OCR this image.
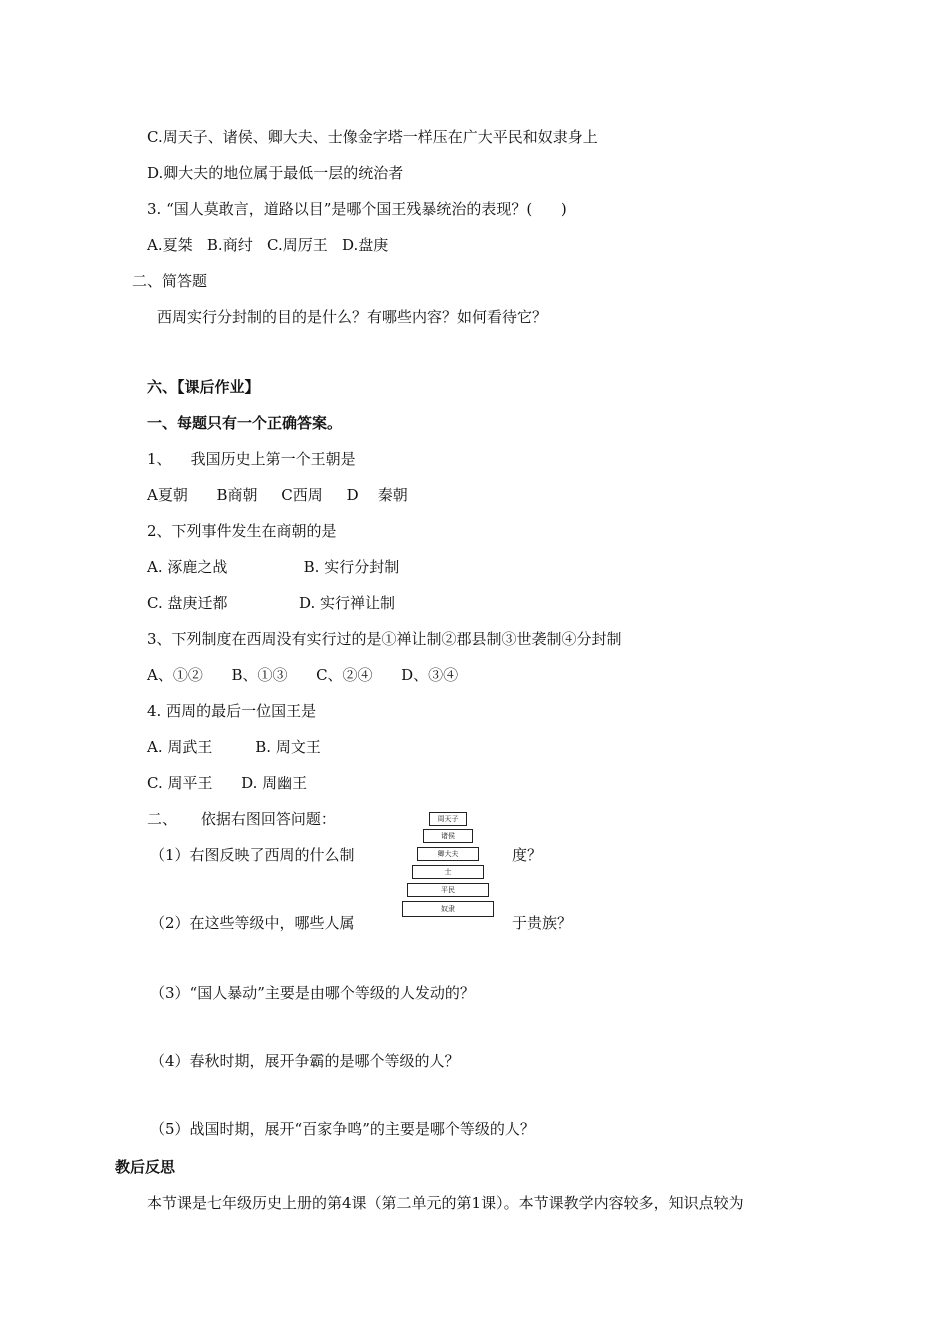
C.周天子、诸侯、卿大夫、士像金字塔一样压在广大平民和奴隶身上
D.卿大夫的地位属于最低一层的统治者
3. “国人莫敢言，道路以目”是哪个国王残暴统治的表现？(      )
A.夏桀   B.商纣   C.周厉王   D.盘庚
二、简答题
西周实行分封制的目的是什么？有哪些内容？如何看待它？
六、【课后作业】
一、每题只有一个正确答案。
1、    我国历史上第一个王朝是
A夏朝      B商朝     C西周     D    秦朝
2、下列事件发生在商朝的是
A. 涿鹿之战                B. 实行分封制
C. 盘庚迁都               D. 实行禅让制
3、下列制度在西周没有实行过的是①禅让制②郡县制③世袭制④分封制
A、①②      B、①③      C、②④      D、③④
4. 西周的最后一位国王是
A. 周武王         B. 周文王
C. 周平王      D. 周幽王
二、     依据右图回答问题：
（1）右图反映了西周的什么制	度？
（2）在这些等级中，哪些人属	于贵族？
周天子
诸侯
卿大夫
士
平民
奴隶
（3）“国人暴动”主要是由哪个等级的人发动的？
（4）春秋时期，展开争霸的是哪个等级的人？
（5）战国时期，展开“百家争鸣”的主要是哪个等级的人？
教后反思
本节课是七年级历史上册的第4课（第二单元的第1课）。本节课教学内容较多，知识点较为
